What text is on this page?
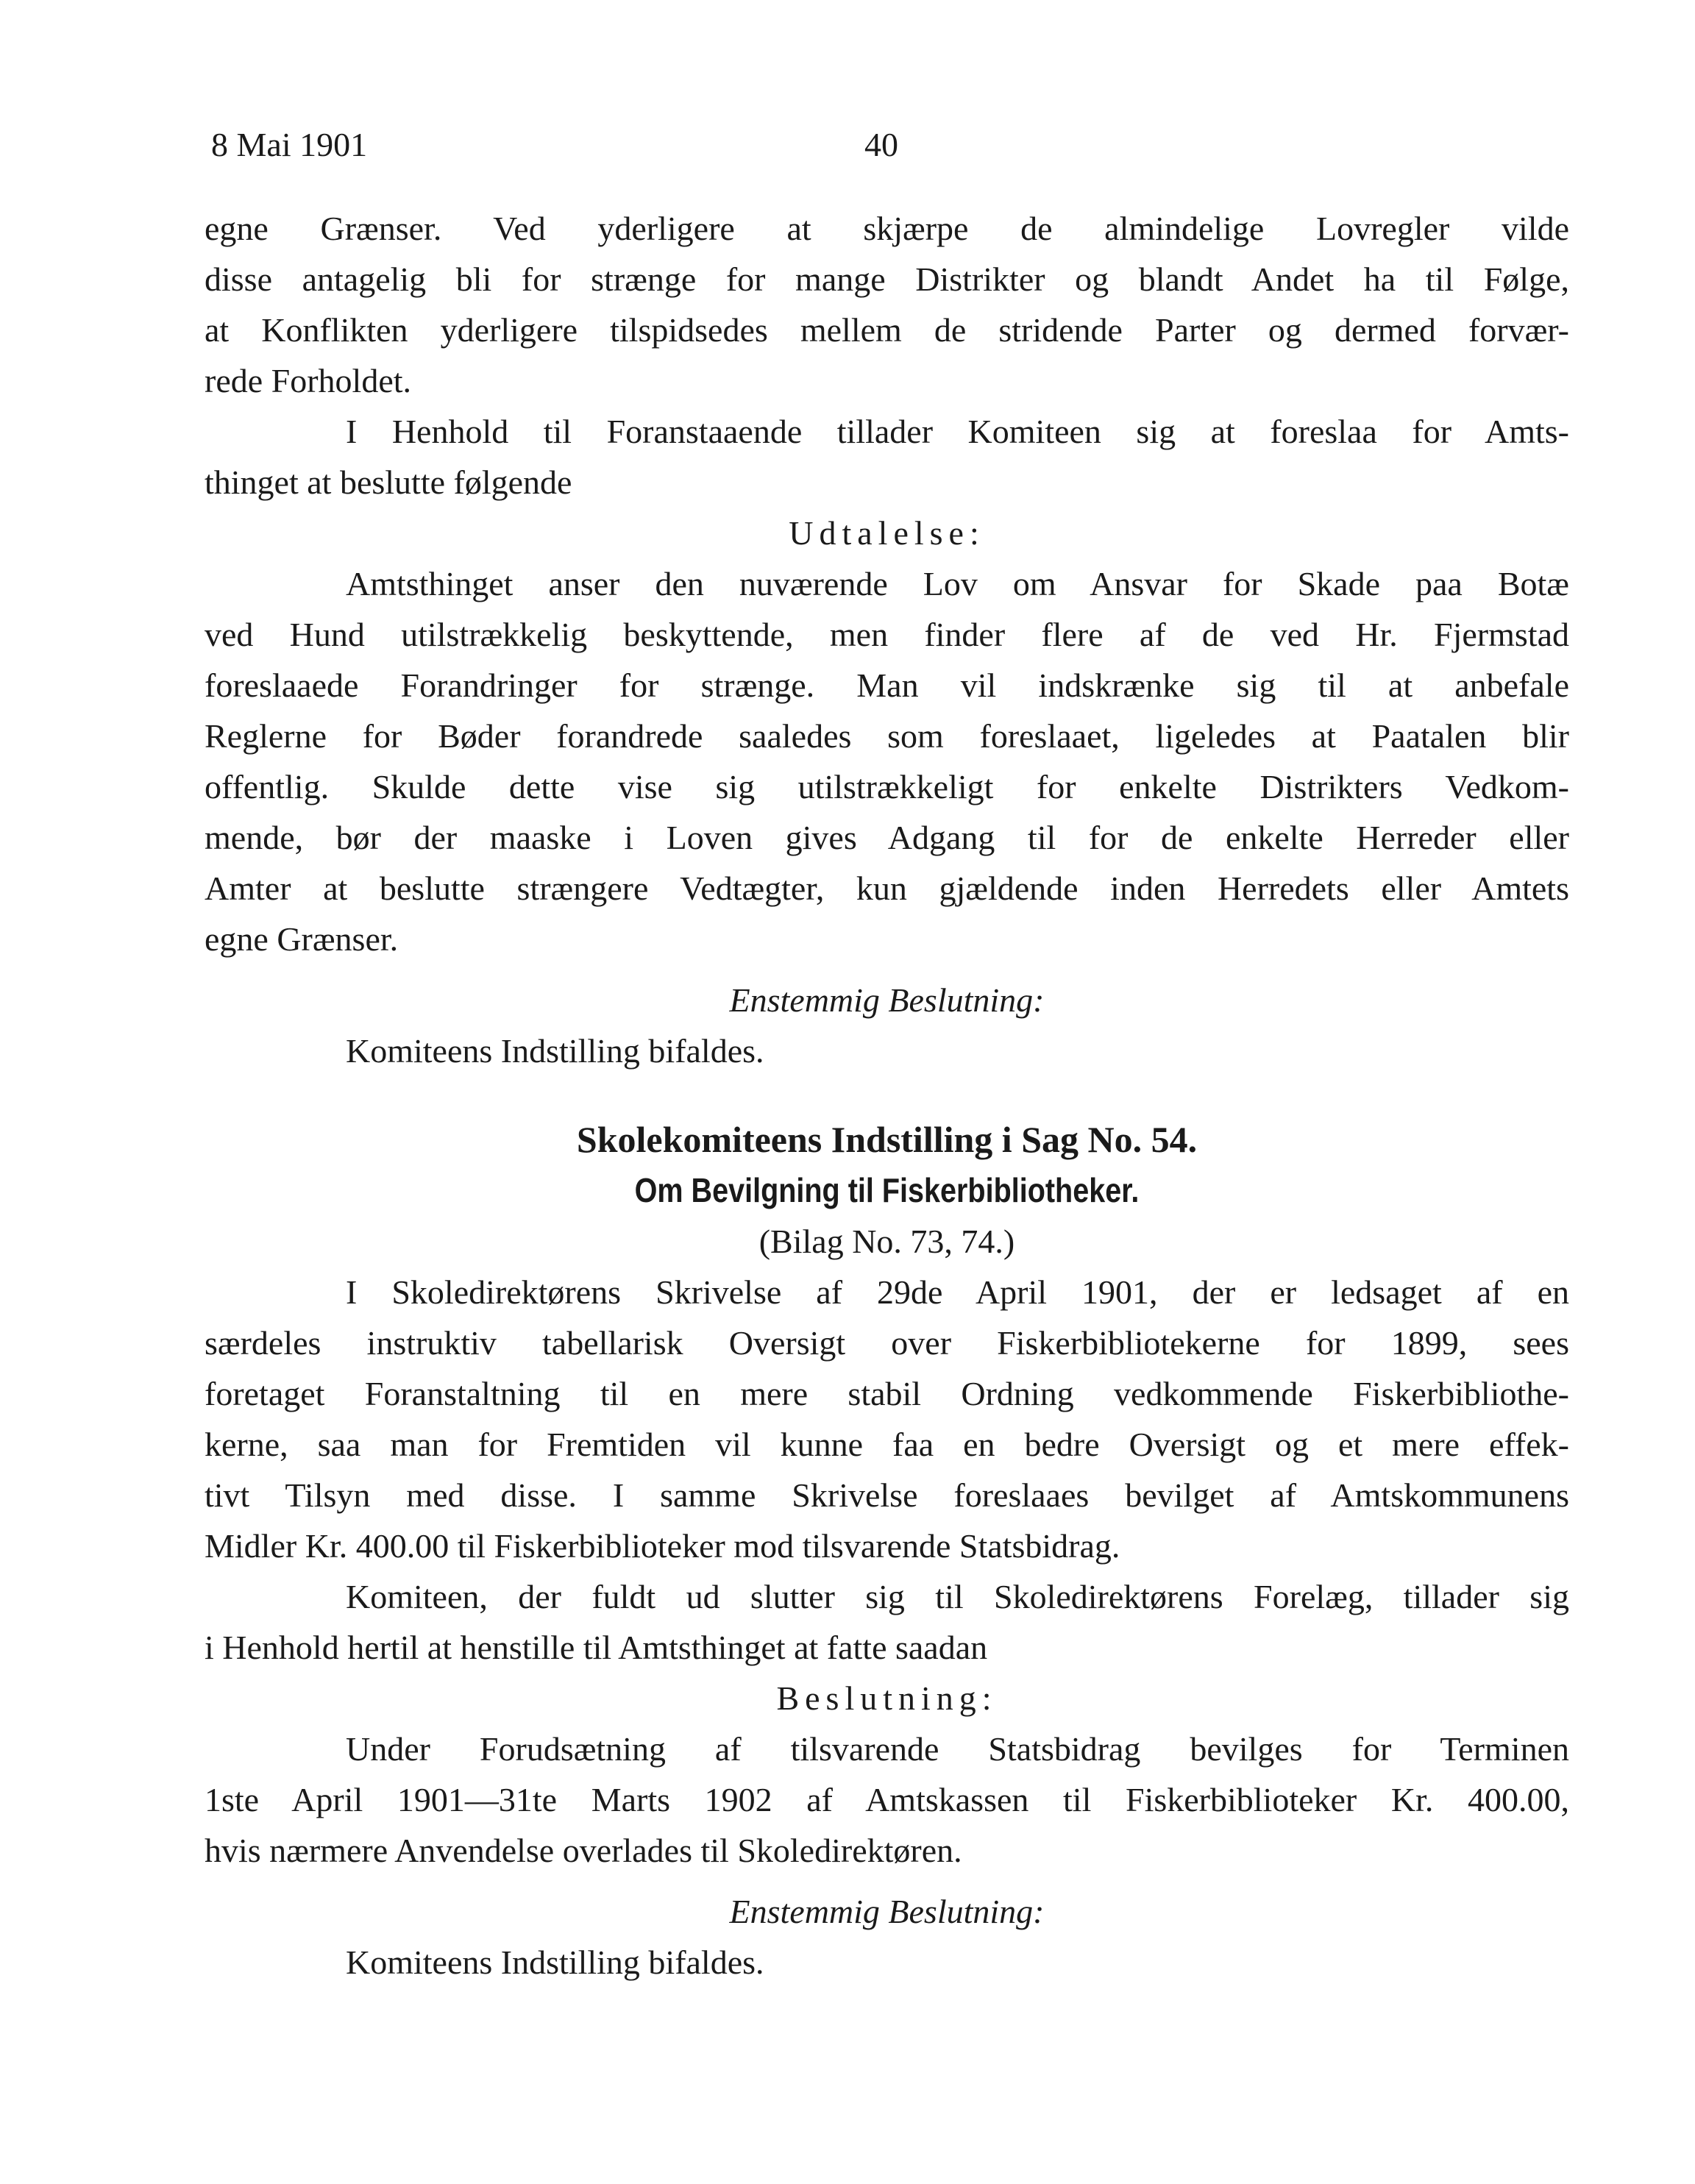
8 Mai 1901	40
egne Grænser. Ved yderligere at skjærpe de almindelige Lovregler vilde
disse antagelig bli for strænge for mange Distrikter og blandt Andet ha til Følge,
at Konflikten yderligere tilspidsedes mellem de stridende Parter og dermed forvær-
rede Forholdet.
I Henhold til Foranstaaende tillader Komiteen sig at foreslaa for Amts-
thinget at beslutte følgende
Udtalelse:
Amtsthinget anser den nuværende Lov om Ansvar for Skade paa Botæ
ved Hund utilstrækkelig beskyttende, men finder flere af de ved Hr. Fjermstad
foreslaaede Forandringer for strænge. Man vil indskrænke sig til at anbefale
Reglerne for Bøder forandrede saaledes som foreslaaet, ligeledes at Paatalen blir
offentlig. Skulde dette vise sig utilstrækkeligt for enkelte Distrikters Vedkom-
mende, bør der maaske i Loven gives Adgang til for de enkelte Herreder eller
Amter at beslutte strængere Vedtægter, kun gjældende inden Herredets eller Amtets
egne Grænser.
Enstemmig Beslutning:
Komiteens Indstilling bifaldes.
Skolekomiteens Indstilling i Sag No. 54.
Om Bevilgning til Fiskerbibliotheker.
(Bilag No. 73, 74.)
I Skoledirektørens Skrivelse af 29de April 1901, der er ledsaget af en
særdeles instruktiv tabellarisk Oversigt over Fiskerbibliotekerne for 1899, sees
foretaget Foranstaltning til en mere stabil Ordning vedkommende Fiskerbibliothe-
kerne, saa man for Fremtiden vil kunne faa en bedre Oversigt og et mere effek-
tivt Tilsyn med disse. I samme Skrivelse foreslaaes bevilget af Amtskommunens
Midler Kr. 400.00 til Fiskerbiblioteker mod tilsvarende Statsbidrag.
Komiteen, der fuldt ud slutter sig til Skoledirektørens Forelæg, tillader sig
i Henhold hertil at henstille til Amtsthinget at fatte saadan
Beslutning:
Under Forudsætning af tilsvarende Statsbidrag bevilges for Terminen
1ste April 1901—31te Marts 1902 af Amtskassen til Fiskerbiblioteker Kr. 400.00,
hvis nærmere Anvendelse overlades til Skoledirektøren.
Enstemmig Beslutning:
Komiteens Indstilling bifaldes.
